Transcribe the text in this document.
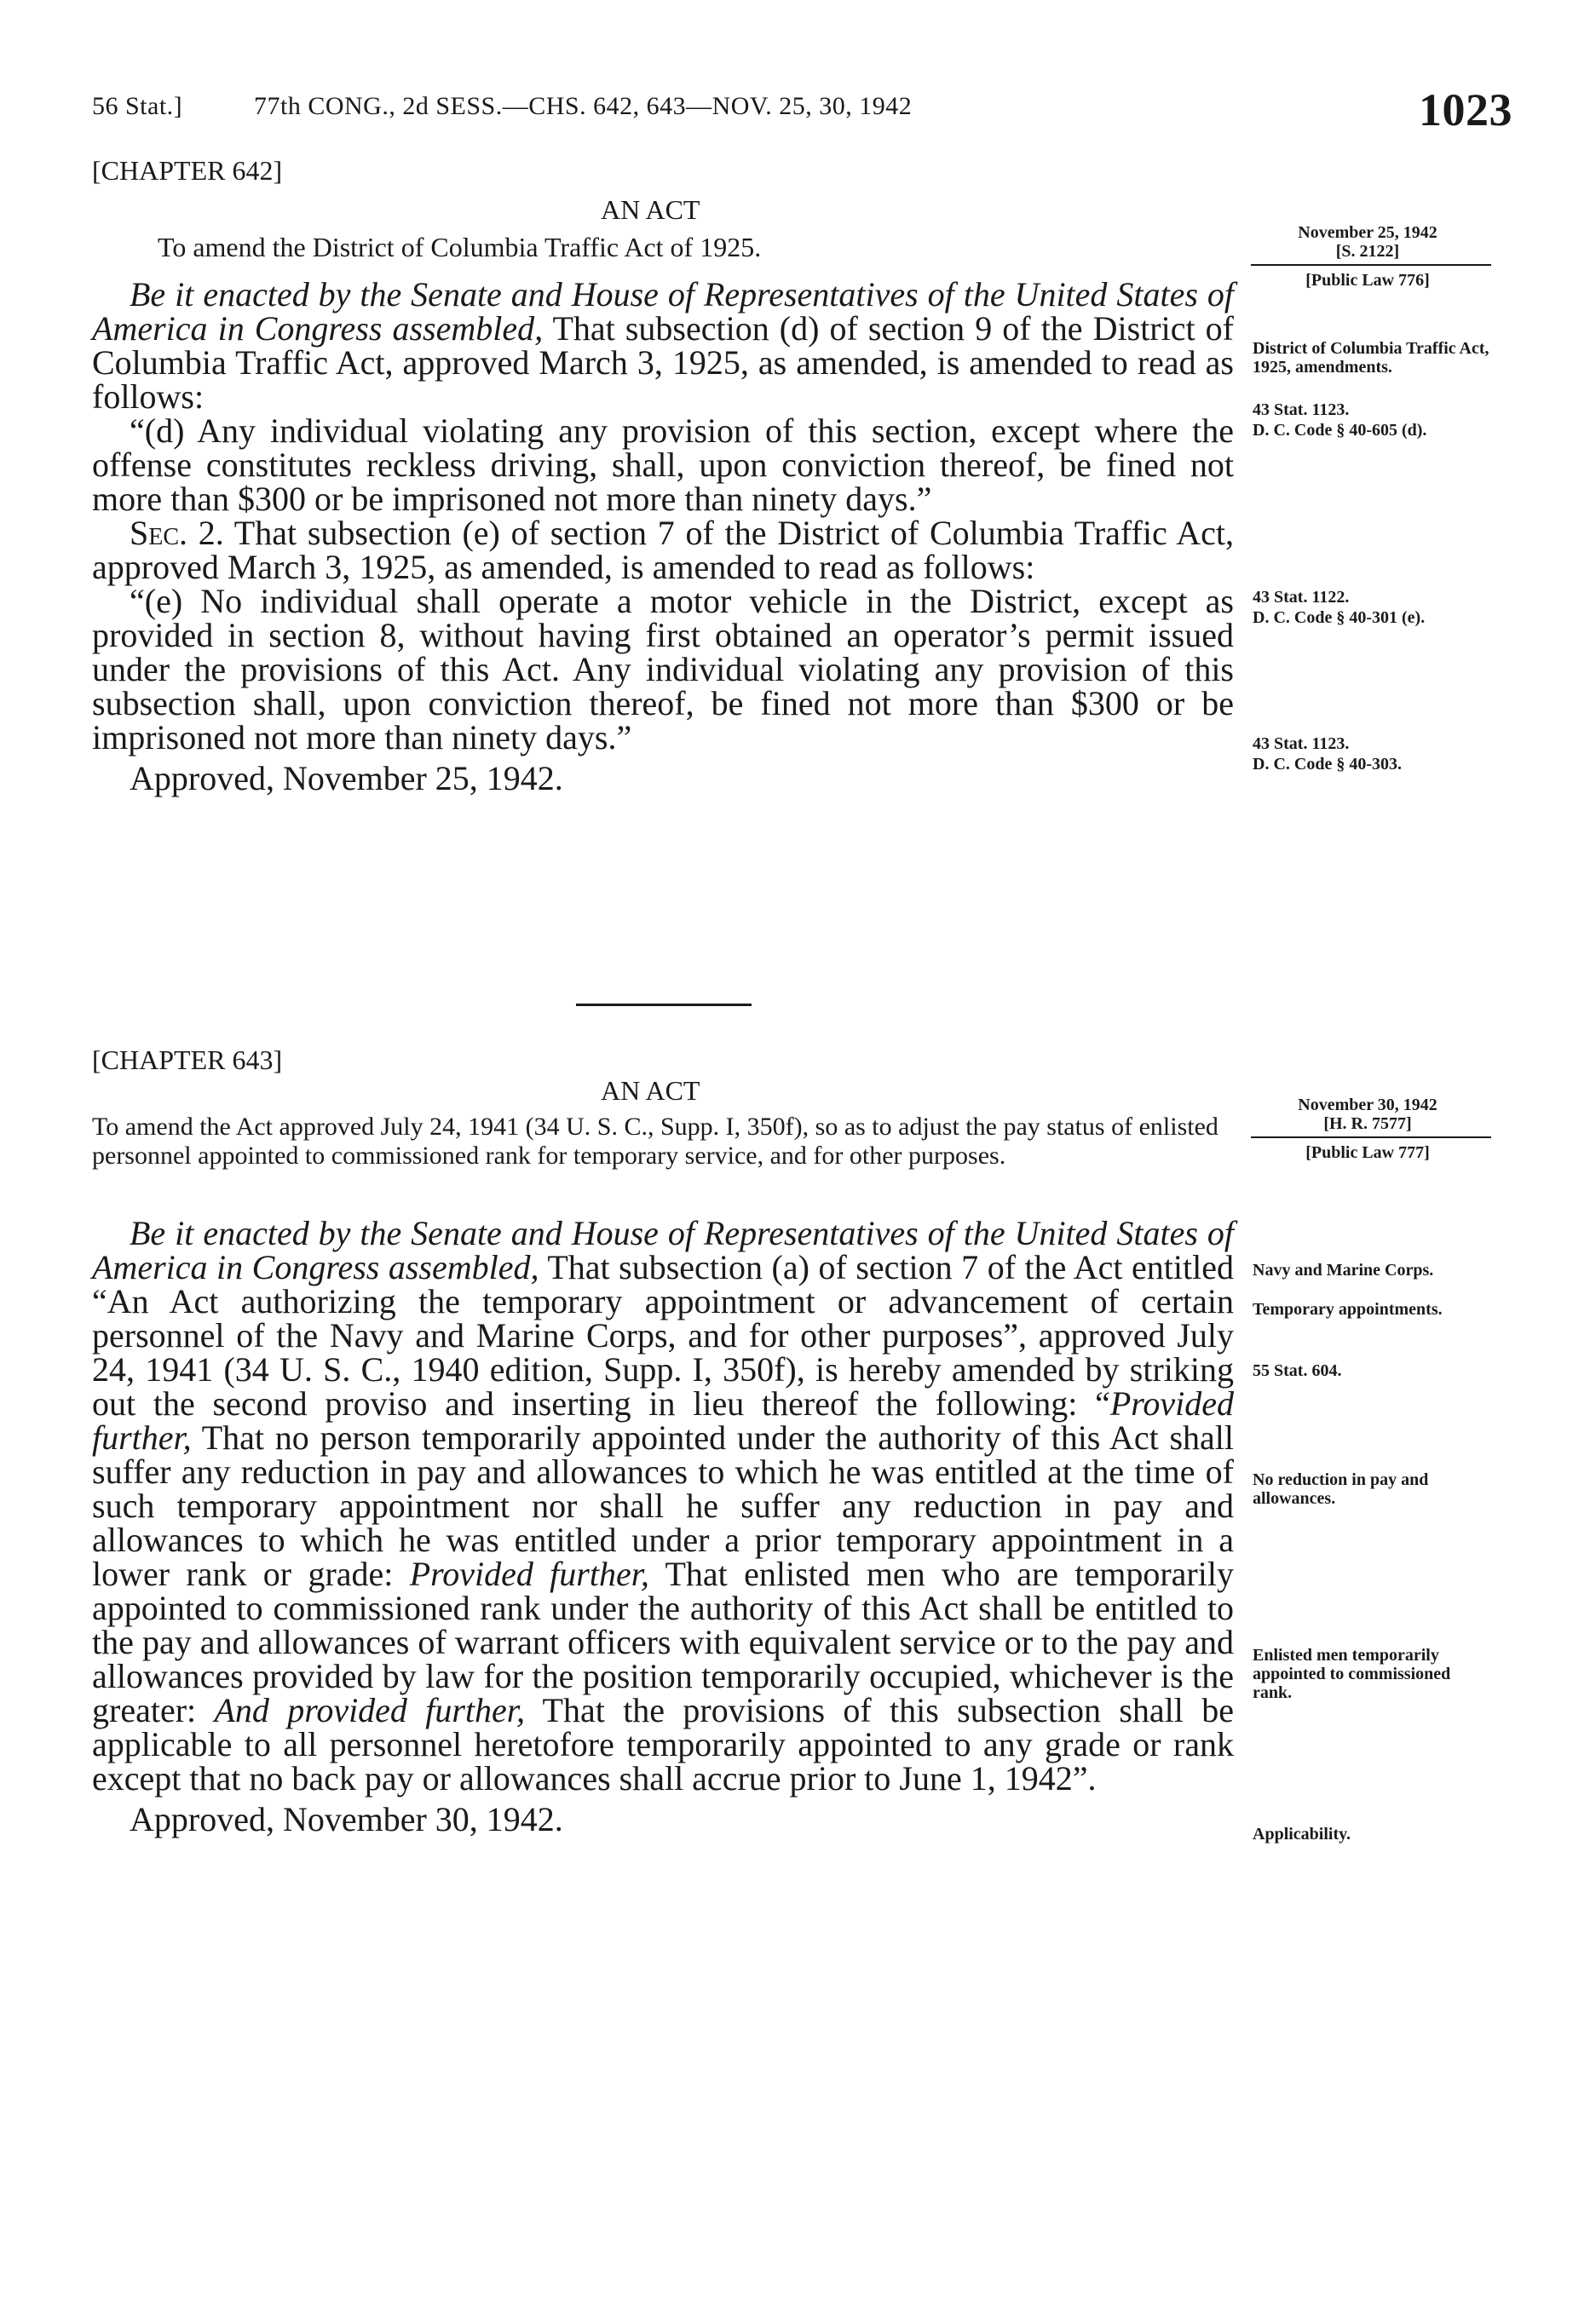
56 Stat.]	77th CONG., 2d SESS.—CHS. 642, 643—NOV. 25, 30, 1942	1023
[CHAPTER 642]
AN ACT
To amend the District of Columbia Traffic Act of 1925.

Be it enacted by the Senate and House of Representatives of the United States of America in Congress assembled, That subsection (d) of section 9 of the District of Columbia Traffic Act, approved March 3, 1925, as amended, is amended to read as follows:

“(d) Any individual violating any provision of this section, except where the offense constitutes reckless driving, shall, upon conviction thereof, be fined not more than $300 or be imprisoned not more than ninety days.”

Sec. 2. That subsection (e) of section 7 of the District of Columbia Traffic Act, approved March 3, 1925, as amended, is amended to read as follows:

“(e) No individual shall operate a motor vehicle in the District, except as provided in section 8, without having first obtained an operator’s permit issued under the provisions of this Act. Any individual violating any provision of this subsection shall, upon conviction thereof, be fined not more than $300 or be imprisoned not more than ninety days.”

Approved, November 25, 1942.

November 25, 1942
[S. 2122]
[Public Law 776]
District of Columbia Traffic Act, 1925, amendments.
43 Stat. 1123.
D. C. Code § 40-605 (d).
43 Stat. 1122.
D. C. Code § 40-301 (e).
43 Stat. 1123.
D. C. Code § 40-303.
[CHAPTER 643]
AN ACT
To amend the Act approved July 24, 1941 (34 U. S. C., Supp. I, 350f), so as to adjust the pay status of enlisted personnel appointed to commissioned rank for temporary service, and for other purposes.

Be it enacted by the Senate and House of Representatives of the United States of America in Congress assembled, That subsection (a) of section 7 of the Act entitled “An Act authorizing the temporary appointment or advancement of certain personnel of the Navy and Marine Corps, and for other purposes”, approved July 24, 1941 (34 U. S. C., 1940 edition, Supp. I, 350f), is hereby amended by striking out the second proviso and inserting in lieu thereof the following: “Provided further, That no person temporarily appointed under the authority of this Act shall suffer any reduction in pay and allowances to which he was entitled at the time of such temporary appointment nor shall he suffer any reduction in pay and allowances to which he was entitled under a prior temporary appointment in a lower rank or grade: Provided further, That enlisted men who are temporarily appointed to commissioned rank under the authority of this Act shall be entitled to the pay and allowances of warrant officers with equivalent service or to the pay and allowances provided by law for the position temporarily occupied, whichever is the greater: And provided further, That the provisions of this subsection shall be applicable to all personnel heretofore temporarily appointed to any grade or rank except that no back pay or allowances shall accrue prior to June 1, 1942”.

Approved, November 30, 1942.

November 30, 1942
[H. R. 7577]
[Public Law 777]
Navy and Marine Corps.
Temporary appointments.
55 Stat. 604.
No reduction in pay and allowances.
Enlisted men temporarily appointed to commissioned rank.
Applicability.
